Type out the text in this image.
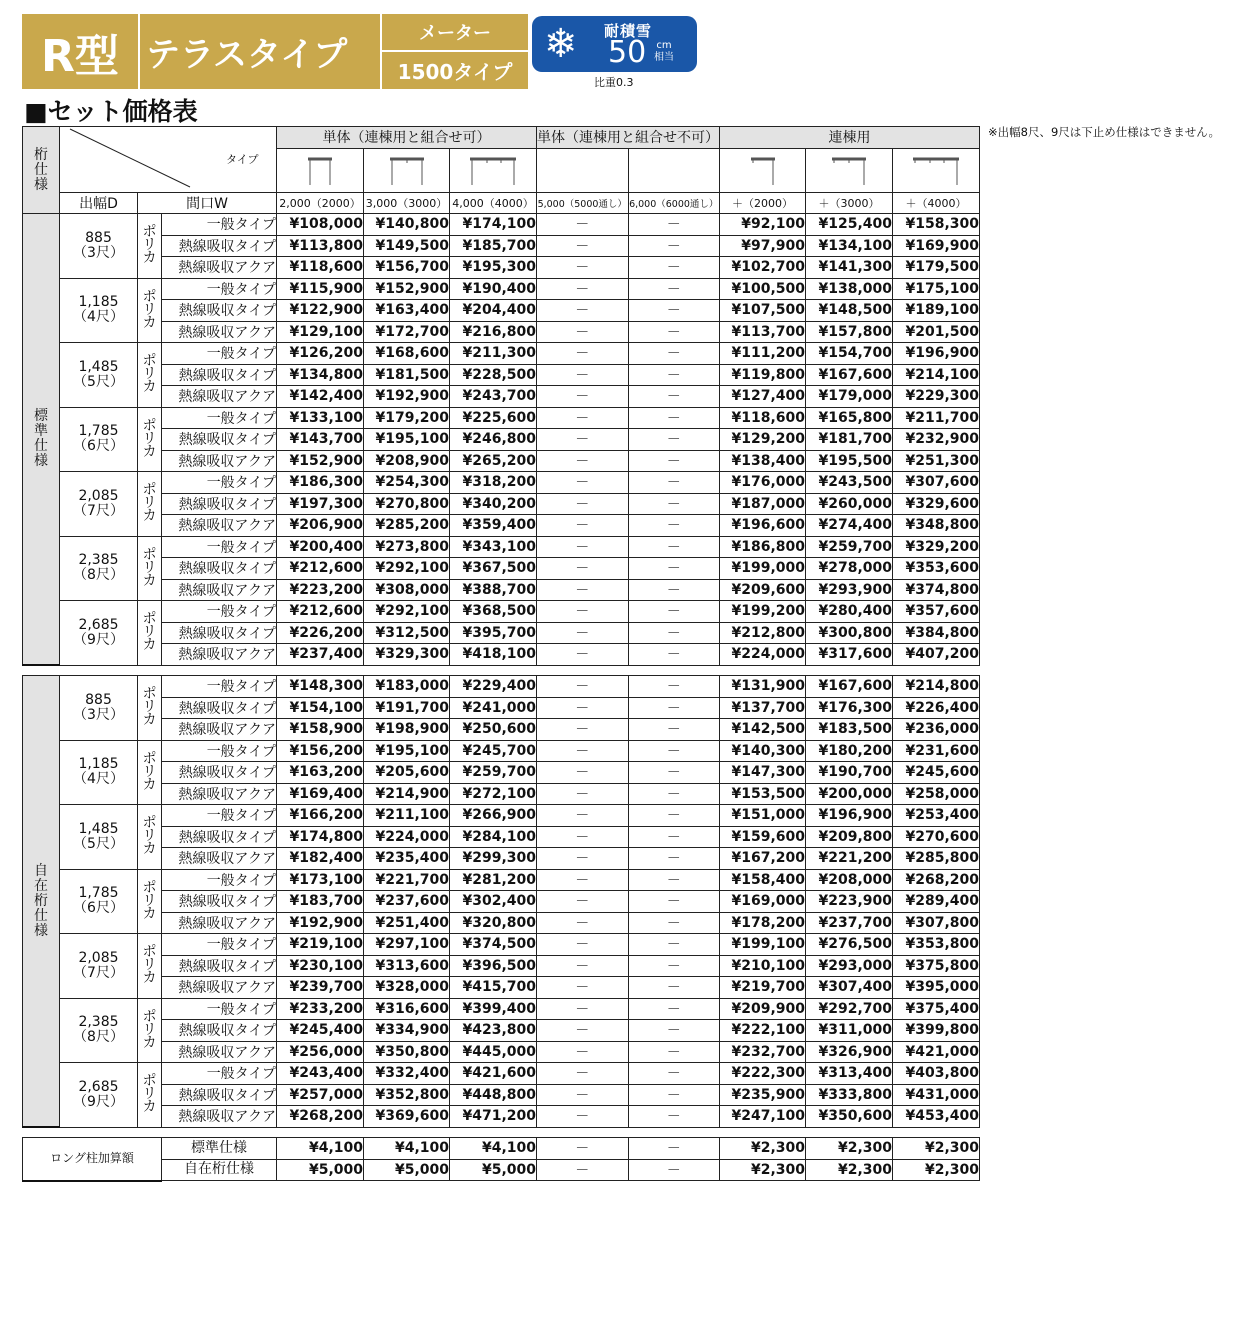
R型 テラスタイプ
メーター
1500タイプ
❄ 耐積雪
50 cm
相当
比重0.3
■セット価格表
※出幅8尺、9尺は下止め仕様はできません。
桁
仕
様	タイプ			単体（連棟用と組合せ可）			単体（連棟用と組合せ不可）		連棟用		

	出幅D	間口W		2,000（2000）	3,000（3000）	4,000（4000）	5,000（5000通し）	6,000（6000通し）	＋（2000）	＋（3000）	＋（4000）
標
準
仕
様	885
（3尺）	ポ
リ
カ	一般タイプ	¥108,000	¥140,800	¥174,100	－	－	¥92,100	¥125,400	¥158,300
			熱線吸収タイプ	¥113,800	¥149,500	¥185,700	－	－	¥97,900	¥134,100	¥169,900
			熱線吸収アクア	¥118,600	¥156,700	¥195,300	－	－	¥102,700	¥141,300	¥179,500
	1,185
（4尺）	ポ
リ
カ	一般タイプ	¥115,900	¥152,900	¥190,400	－	－	¥100,500	¥138,000	¥175,100
			熱線吸収タイプ	¥122,900	¥163,400	¥204,400	－	－	¥107,500	¥148,500	¥189,100
			熱線吸収アクア	¥129,100	¥172,700	¥216,800	－	－	¥113,700	¥157,800	¥201,500
	1,485
（5尺）	ポ
リ
カ	一般タイプ	¥126,200	¥168,600	¥211,300	－	－	¥111,200	¥154,700	¥196,900
			熱線吸収タイプ	¥134,800	¥181,500	¥228,500	－	－	¥119,800	¥167,600	¥214,100
			熱線吸収アクア	¥142,400	¥192,900	¥243,700	－	－	¥127,400	¥179,000	¥229,300
	1,785
（6尺）	ポ
リ
カ	一般タイプ	¥133,100	¥179,200	¥225,600	－	－	¥118,600	¥165,800	¥211,700
			熱線吸収タイプ	¥143,700	¥195,100	¥246,800	－	－	¥129,200	¥181,700	¥232,900
			熱線吸収アクア	¥152,900	¥208,900	¥265,200	－	－	¥138,400	¥195,500	¥251,300
	2,085
（7尺）	ポ
リ
カ	一般タイプ	¥186,300	¥254,300	¥318,200	－	－	¥176,000	¥243,500	¥307,600
			熱線吸収タイプ	¥197,300	¥270,800	¥340,200	－	－	¥187,000	¥260,000	¥329,600
			熱線吸収アクア	¥206,900	¥285,200	¥359,400	－	－	¥196,600	¥274,400	¥348,800
	2,385
（8尺）	ポ
リ
カ	一般タイプ	¥200,400	¥273,800	¥343,100	－	－	¥186,800	¥259,700	¥329,200
			熱線吸収タイプ	¥212,600	¥292,100	¥367,500	－	－	¥199,000	¥278,000	¥353,600
			熱線吸収アクア	¥223,200	¥308,000	¥388,700	－	－	¥209,600	¥293,900	¥374,800
	2,685
（9尺）	ポ
リ
カ	一般タイプ	¥212,600	¥292,100	¥368,500	－	－	¥199,200	¥280,400	¥357,600
			熱線吸収タイプ	¥226,200	¥312,500	¥395,700	－	－	¥212,800	¥300,800	¥384,800
			熱線吸収アクア	¥237,400	¥329,300	¥418,100	－	－	¥224,000	¥317,600	¥407,200

自
在
桁
仕
様	885
（3尺）	ポ
リ
カ	一般タイプ	¥148,300	¥183,000	¥229,400	－	－	¥131,900	¥167,600	¥214,800
			熱線吸収タイプ	¥154,100	¥191,700	¥241,000	－	－	¥137,700	¥176,300	¥226,400
			熱線吸収アクア	¥158,900	¥198,900	¥250,600	－	－	¥142,500	¥183,500	¥236,000
	1,185
（4尺）	ポ
リ
カ	一般タイプ	¥156,200	¥195,100	¥245,700	－	－	¥140,300	¥180,200	¥231,600
			熱線吸収タイプ	¥163,200	¥205,600	¥259,700	－	－	¥147,300	¥190,700	¥245,600
			熱線吸収アクア	¥169,400	¥214,900	¥272,100	－	－	¥153,500	¥200,000	¥258,000
	1,485
（5尺）	ポ
リ
カ	一般タイプ	¥166,200	¥211,100	¥266,900	－	－	¥151,000	¥196,900	¥253,400
			熱線吸収タイプ	¥174,800	¥224,000	¥284,100	－	－	¥159,600	¥209,800	¥270,600
			熱線吸収アクア	¥182,400	¥235,400	¥299,300	－	－	¥167,200	¥221,200	¥285,800
	1,785
（6尺）	ポ
リ
カ	一般タイプ	¥173,100	¥221,700	¥281,200	－	－	¥158,400	¥208,000	¥268,200
			熱線吸収タイプ	¥183,700	¥237,600	¥302,400	－	－	¥169,000	¥223,900	¥289,400
			熱線吸収アクア	¥192,900	¥251,400	¥320,800	－	－	¥178,200	¥237,700	¥307,800
	2,085
（7尺）	ポ
リ
カ	一般タイプ	¥219,100	¥297,100	¥374,500	－	－	¥199,100	¥276,500	¥353,800
			熱線吸収タイプ	¥230,100	¥313,600	¥396,500	－	－	¥210,100	¥293,000	¥375,800
			熱線吸収アクア	¥239,700	¥328,000	¥415,700	－	－	¥219,700	¥307,400	¥395,000
	2,385
（8尺）	ポ
リ
カ	一般タイプ	¥233,200	¥316,600	¥399,400	－	－	¥209,900	¥292,700	¥375,400
			熱線吸収タイプ	¥245,400	¥334,900	¥423,800	－	－	¥222,100	¥311,000	¥399,800
			熱線吸収アクア	¥256,000	¥350,800	¥445,000	－	－	¥232,700	¥326,900	¥421,000
	2,685
（9尺）	ポ
リ
カ	一般タイプ	¥243,400	¥332,400	¥421,600	－	－	¥222,300	¥313,400	¥403,800
			熱線吸収タイプ	¥257,000	¥352,800	¥448,800	－	－	¥235,900	¥333,800	¥431,000
			熱線吸収アクア	¥268,200	¥369,600	¥471,200	－	－	¥247,100	¥350,600	¥453,400

ロング柱加算額			標準仕様	¥4,100	¥4,100	¥4,100	－	－	¥2,300	¥2,300	¥2,300
			自在桁仕様	¥5,000	¥5,000	¥5,000	－	－	¥2,300	¥2,300	¥2,300
